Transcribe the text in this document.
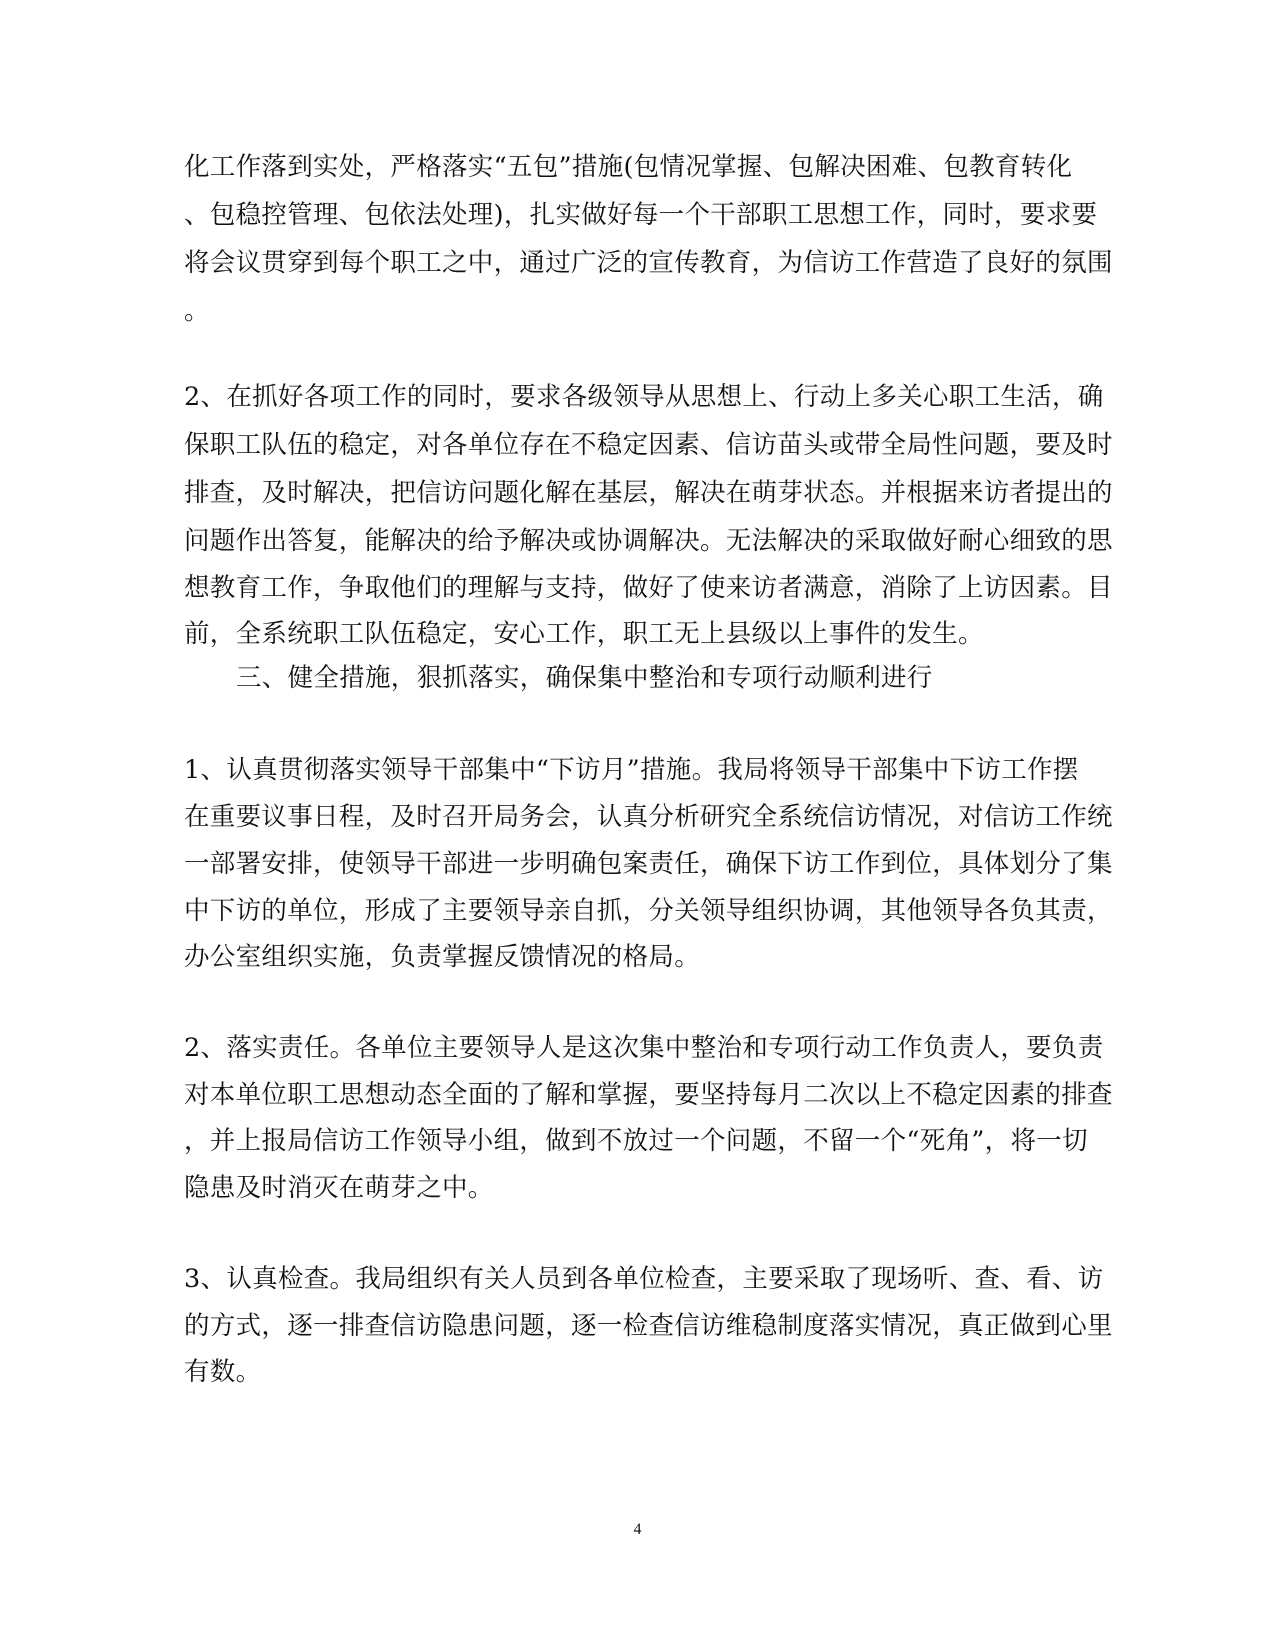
化工作落到实处，严格落实“五包”措施(包情况掌握、包解决困难、包教育转化
、包稳控管理、包依法处理)，扎实做好每一个干部职工思想工作，同时，要求要
将会议贯穿到每个职工之中，通过广泛的宣传教育，为信访工作营造了良好的氛围
。
2、在抓好各项工作的同时，要求各级领导从思想上、行动上多关心职工生活，确
保职工队伍的稳定，对各单位存在不稳定因素、信访苗头或带全局性问题，要及时
排查，及时解决，把信访问题化解在基层，解决在萌芽状态。并根据来访者提出的
问题作出答复，能解决的给予解决或协调解决。无法解决的采取做好耐心细致的思
想教育工作，争取他们的理解与支持，做好了使来访者满意，消除了上访因素。目
前，全系统职工队伍稳定，安心工作，职工无上县级以上事件的发生。
三、健全措施，狠抓落实，确保集中整治和专项行动顺利进行
1、认真贯彻落实领导干部集中“下访月”措施。我局将领导干部集中下访工作摆
在重要议事日程，及时召开局务会，认真分析研究全系统信访情况，对信访工作统
一部署安排，使领导干部进一步明确包案责任，确保下访工作到位，具体划分了集
中下访的单位，形成了主要领导亲自抓，分关领导组织协调，其他领导各负其责，
办公室组织实施，负责掌握反馈情况的格局。
2、落实责任。各单位主要领导人是这次集中整治和专项行动工作负责人，要负责
对本单位职工思想动态全面的了解和掌握，要坚持每月二次以上不稳定因素的排查
，并上报局信访工作领导小组，做到不放过一个问题，不留一个“死角”，将一切
隐患及时消灭在萌芽之中。
3、认真检查。我局组织有关人员到各单位检查，主要采取了现场听、查、看、访
的方式，逐一排查信访隐患问题，逐一检查信访维稳制度落实情况，真正做到心里
有数。
4
